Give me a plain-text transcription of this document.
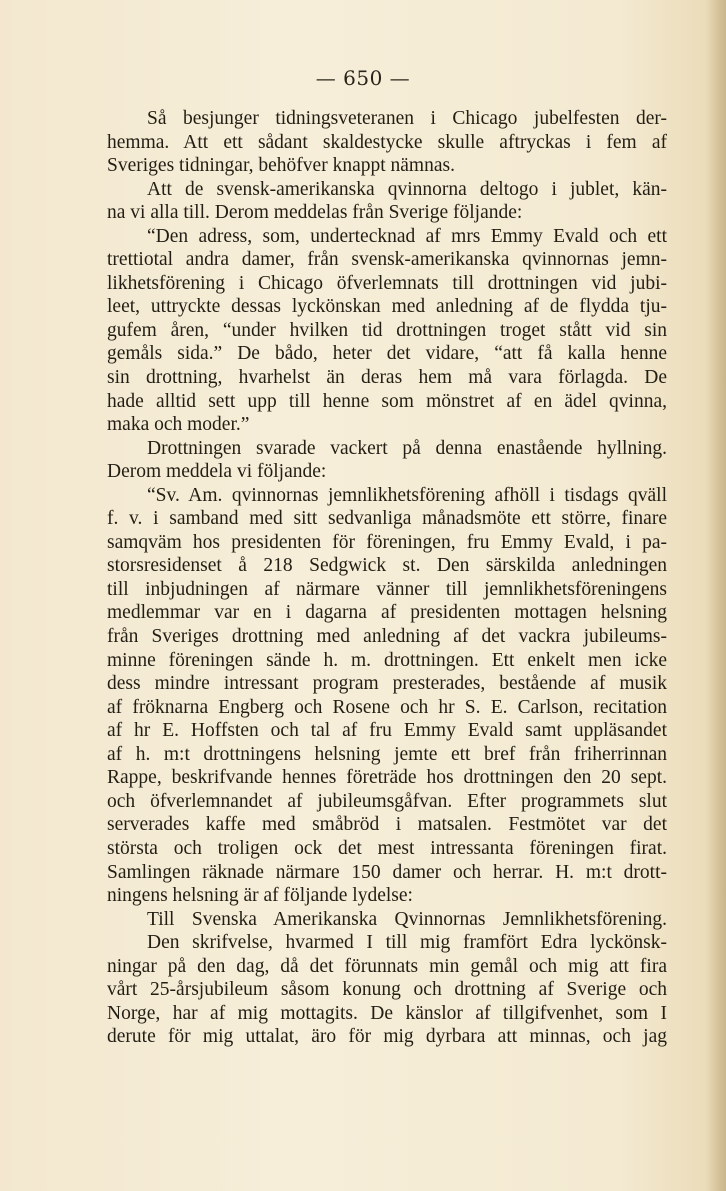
— 650 —
Så besjunger tidningsveteranen i Chicago jubelfesten der-
hemma. Att ett sådant skaldestycke skulle aftryckas i fem af
Sveriges tidningar, behöfver knappt nämnas.
Att de svensk-amerikanska qvinnorna deltogo i jublet, kän-
na vi alla till. Derom meddelas från Sverige följande:
“Den adress, som, undertecknad af mrs Emmy Evald och ett
trettiotal andra damer, från svensk-amerikanska qvinnornas jemn-
likhetsförening i Chicago öfverlemnats till drottningen vid jubi-
leet, uttryckte dessas lyckönskan med anledning af de flydda tju-
gufem åren, “under hvilken tid drottningen troget stått vid sin
gemåls sida.” De bådo, heter det vidare, “att få kalla henne
sin drottning, hvarhelst än deras hem må vara förlagda. De
hade alltid sett upp till henne som mönstret af en ädel qvinna,
maka och moder.”
Drottningen svarade vackert på denna enastående hyllning.
Derom meddela vi följande:
“Sv. Am. qvinnornas jemnlikhetsförening afhöll i tisdags qväll
f. v. i samband med sitt sedvanliga månadsmöte ett större, finare
samqväm hos presidenten för föreningen, fru Emmy Evald, i pa-
storsresidenset å 218 Sedgwick st. Den särskilda anledningen
till inbjudningen af närmare vänner till jemnlikhetsföreningens
medlemmar var en i dagarna af presidenten mottagen helsning
från Sveriges drottning med anledning af det vackra jubileums-
minne föreningen sände h. m. drottningen. Ett enkelt men icke
dess mindre intressant program presterades, bestående af musik
af fröknarna Engberg och Rosene och hr S. E. Carlson, recitation
af hr E. Hoffsten och tal af fru Emmy Evald samt uppläsandet
af h. m:t drottningens helsning jemte ett bref från friherrinnan
Rappe, beskrifvande hennes företräde hos drottningen den 20 sept.
och öfverlemnandet af jubileumsgåfvan. Efter programmets slut
serverades kaffe med småbröd i matsalen. Festmötet var det
största och troligen ock det mest intressanta föreningen firat.
Samlingen räknade närmare 150 damer och herrar. H. m:t drott-
ningens helsning är af följande lydelse:
Till Svenska Amerikanska Qvinnornas Jemnlikhetsförening.
Den skrifvelse, hvarmed I till mig framfört Edra lyckönsk-
ningar på den dag, då det förunnats min gemål och mig att fira
vårt 25-årsjubileum såsom konung och drottning af Sverige och
Norge, har af mig mottagits. De känslor af tillgifvenhet, som I
derute för mig uttalat, äro för mig dyrbara att minnas, och jag
